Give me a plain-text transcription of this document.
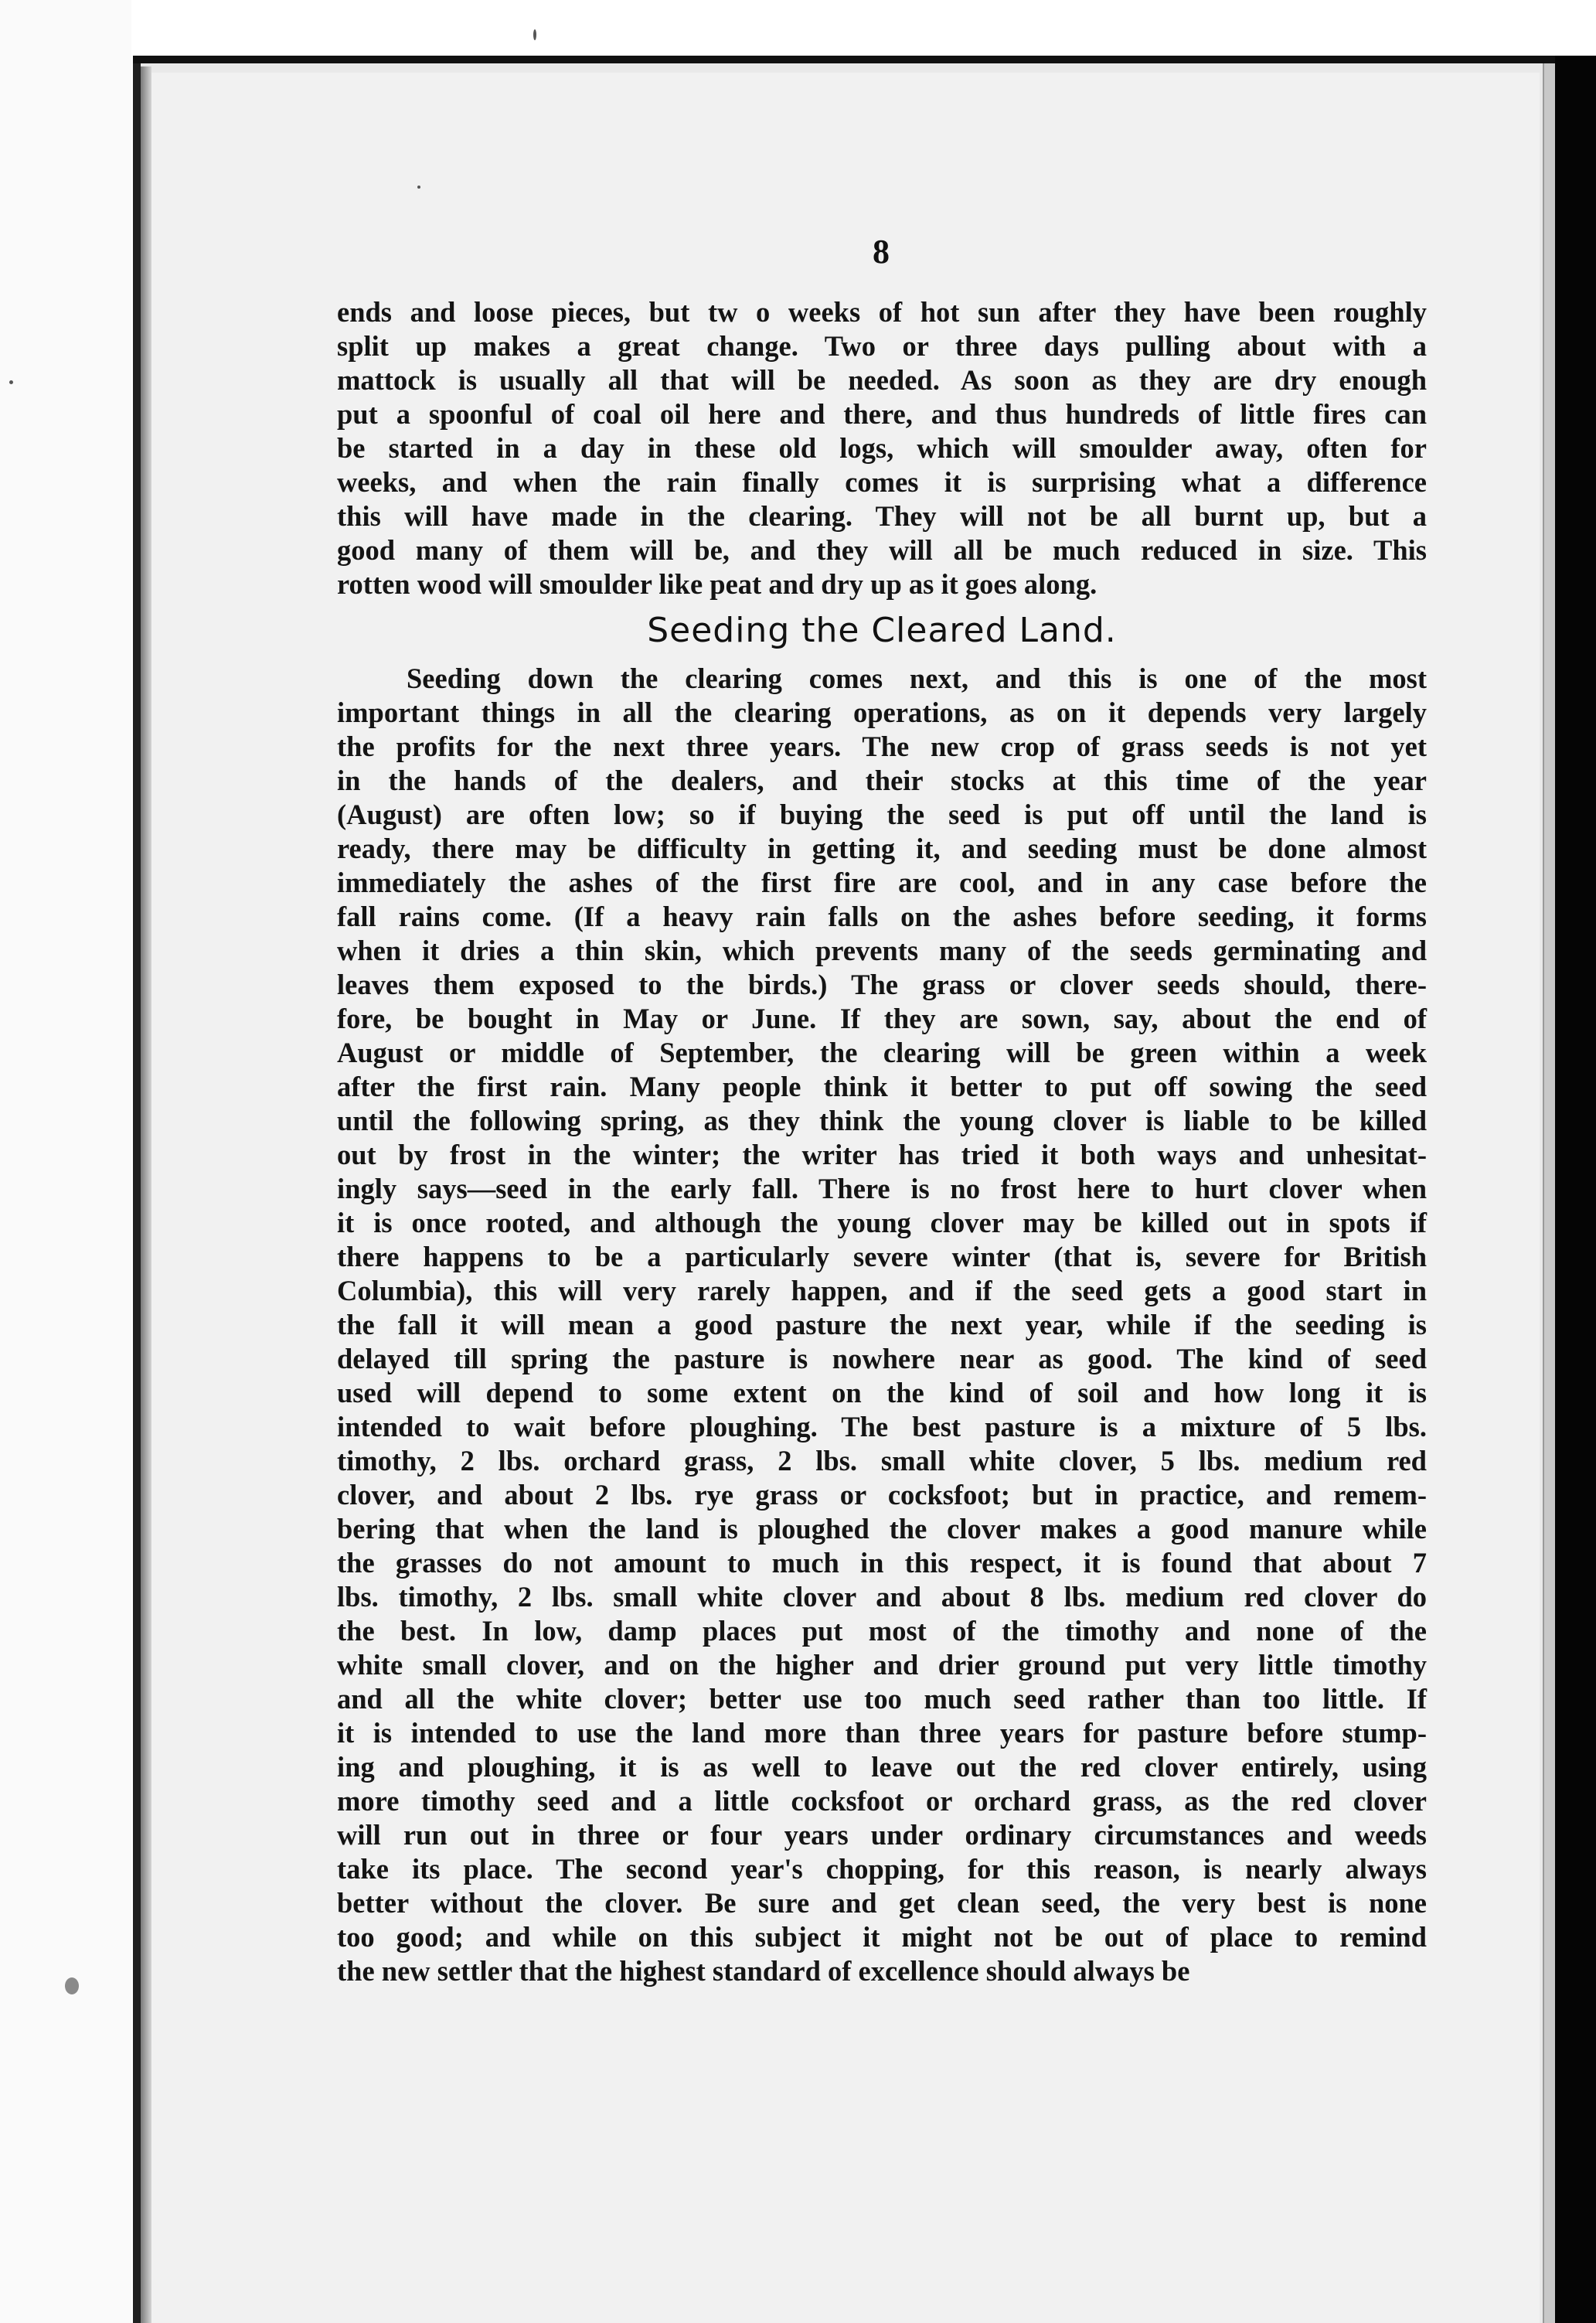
8
ends and loose pieces, but tw o weeks of hot sun after they have been roughly
split up makes a great change. Two or three days pulling about with a
mattock is usually all that will be needed. As soon as they are dry enough
put a spoonful of coal oil here and there, and thus hundreds of little fires can
be started in a day in these old logs, which will smoulder away, often for
weeks, and when the rain finally comes it is surprising what a difference
this will have made in the clearing. They will not be all burnt up, but a
good many of them will be, and they will all be much reduced in size. This
rotten wood will smoulder like peat and dry up as it goes along.
Seeding the Cleared Land.
Seeding down the clearing comes next, and this is one of the most
important things in all the clearing operations, as on it depends very largely
the profits for the next three years. The new crop of grass seeds is not yet
in the hands of the dealers, and their stocks at this time of the year
(August) are often low; so if buying the seed is put off until the land is
ready, there may be difficulty in getting it, and seeding must be done almost
immediately the ashes of the first fire are cool, and in any case before the
fall rains come. (If a heavy rain falls on the ashes before seeding, it forms
when it dries a thin skin, which prevents many of the seeds germinating and
leaves them exposed to the birds.) The grass or clover seeds should, there-
fore, be bought in May or June. If they are sown, say, about the end of
August or middle of September, the clearing will be green within a week
after the first rain. Many people think it better to put off sowing the seed
until the following spring, as they think the young clover is liable to be killed
out by frost in the winter; the writer has tried it both ways and unhesitat-
ingly says—seed in the early fall. There is no frost here to hurt clover when
it is once rooted, and although the young clover may be killed out in spots if
there happens to be a particularly severe winter (that is, severe for British
Columbia), this will very rarely happen, and if the seed gets a good start in
the fall it will mean a good pasture the next year, while if the seeding is
delayed till spring the pasture is nowhere near as good. The kind of seed
used will depend to some extent on the kind of soil and how long it is
intended to wait before ploughing. The best pasture is a mixture of 5 lbs.
timothy, 2 lbs. orchard grass, 2 lbs. small white clover, 5 lbs. medium red
clover, and about 2 lbs. rye grass or cocksfoot; but in practice, and remem-
bering that when the land is ploughed the clover makes a good manure while
the grasses do not amount to much in this respect, it is found that about 7
lbs. timothy, 2 lbs. small white clover and about 8 lbs. medium red clover do
the best. In low, damp places put most of the timothy and none of the
white small clover, and on the higher and drier ground put very little timothy
and all the white clover; better use too much seed rather than too little. If
it is intended to use the land more than three years for pasture before stump-
ing and ploughing, it is as well to leave out the red clover entirely, using
more timothy seed and a little cocksfoot or orchard grass, as the red clover
will run out in three or four years under ordinary circumstances and weeds
take its place. The second year's chopping, for this reason, is nearly always
better without the clover. Be sure and get clean seed, the very best is none
too good; and while on this subject it might not be out of place to remind
the new settler that the highest standard of excellence should always be
